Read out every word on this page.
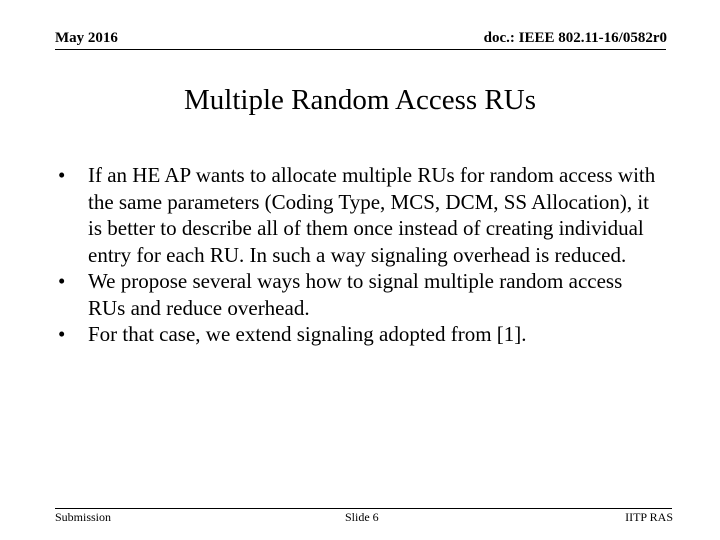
May 2016	doc.: IEEE 802.11-16/0582r0
Multiple Random Access RUs
•	If an HE AP wants to allocate multiple RUs for random access with the same parameters (Coding Type, MCS, DCM, SS Allocation), it is better to describe all of them once instead of creating individual entry for each RU. In such a way signaling overhead is reduced.
•	We propose several ways how to signal multiple random access RUs and reduce overhead.
•	For that case, we extend signaling adopted from [1].
Submission	Slide 6	IITP RAS
